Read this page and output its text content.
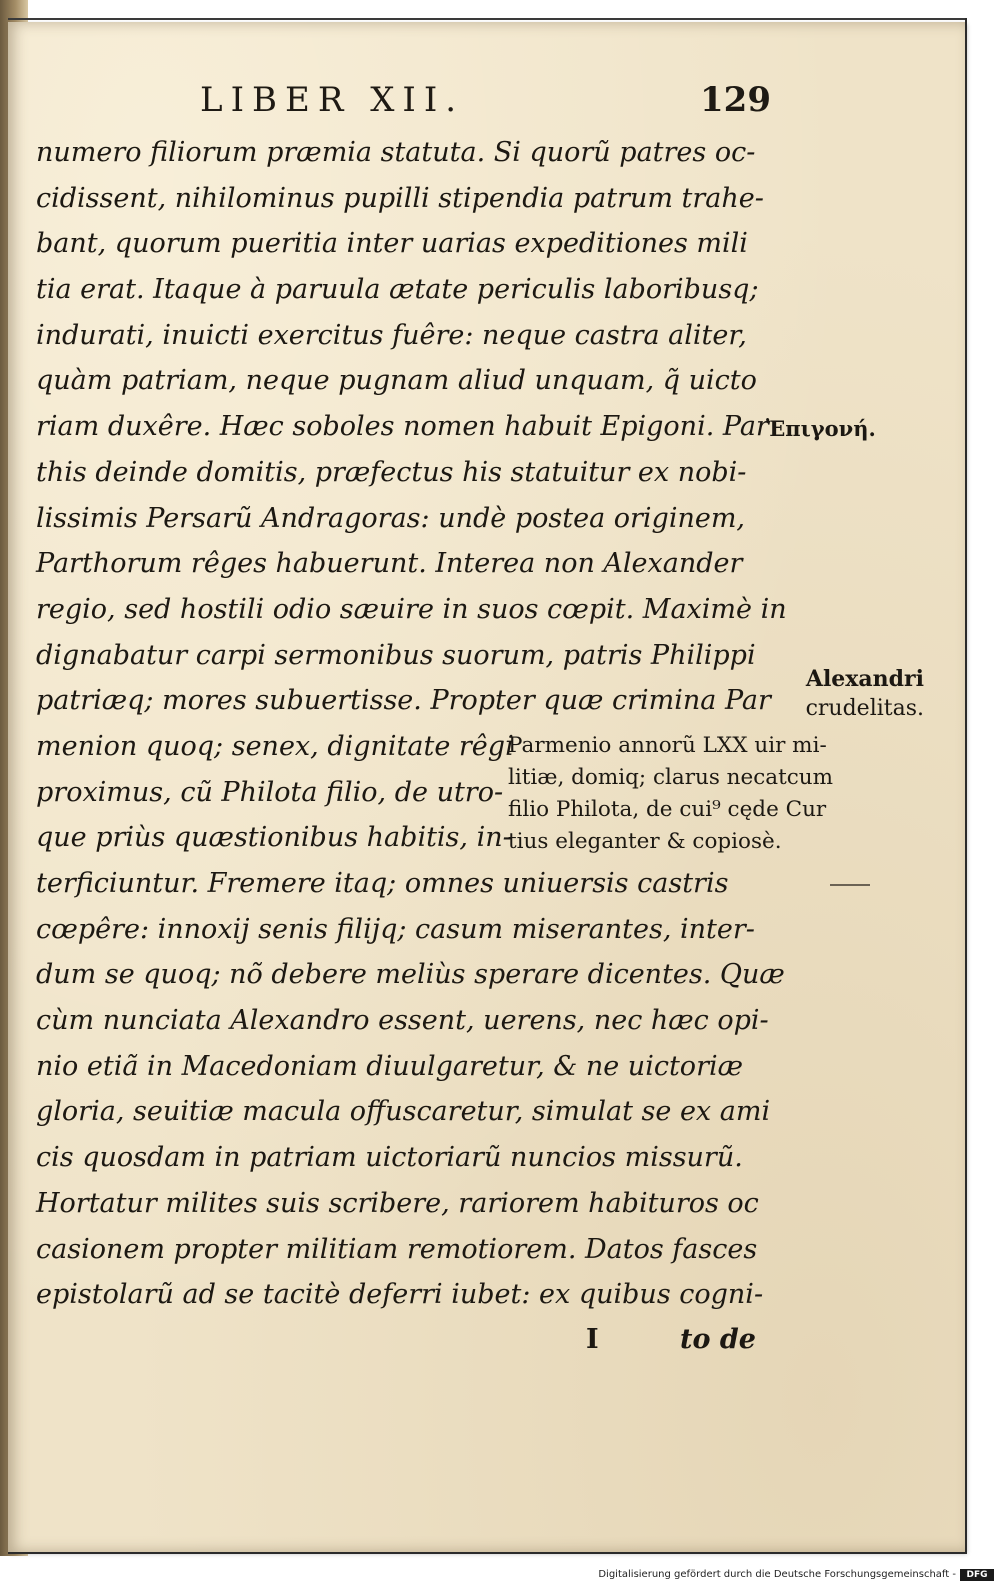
LIBER XII.	129
numero filiorum præmia statuta. Si quorũ patres oc-
cidissent, nihilominus pupilli stipendia patrum trahe-
bant, quorum pueritia inter uarias expeditiones mili
tia erat. Itaque à paruula ætate periculis laboribusq;
indurati, inuicti exercitus fuêre: neque castra aliter,
quàm patriam, neque pugnam aliud unquam, q̃ uicto
riam duxêre. Hæc soboles nomen habuit Epigoni. Par
this deinde domitis, præfectus his statuitur ex nobi-
lissimis Persarũ Andragoras: undè postea originem,
Parthorum rêges habuerunt. Interea non Alexander
regio, sed hostili odio sæuire in suos cœpit. Maximè in
dignabatur carpi sermonibus suorum, patris Philippi
patriæq; mores subuertisse. Propter quæ crimina Par
menion quoq; senex, dignitate rêgi
proximus, cũ Philota filio, de utro-
que priùs quæstionibus habitis, in-
terficiuntur. Fremere itaq; omnes uniuersis castris
cœpêre: innoxij senis filijq; casum miserantes, inter-
dum se quoq; nõ debere meliùs sperare dicentes. Quæ
cùm nunciata Alexandro essent, uerens, nec hæc opi-
nio etiã in Macedoniam diuulgaretur, & ne uictoriæ
gloria, seuitiæ macula offuscaretur, simulat se ex ami
cis quosdam in patriam uictoriarũ nuncios missurũ.
Hortatur milites suis scribere, rariorem habituros oc
casionem propter militiam remotiorem. Datos fasces
epistolarũ ad se tacitè deferri iubet: ex quibus cogni-
Ἐπιγονή.
Alexandri
crudelitas.
Parmenio annorũ LXX uir mi-
litiæ, domiq; clarus necatcum
filio Philota, de cui⁹ cęde Cur
tius eleganter & copiosè.
I	to de
Digitalisierung gefördert durch die Deutsche Forschungsgemeinschaft -	DFG
